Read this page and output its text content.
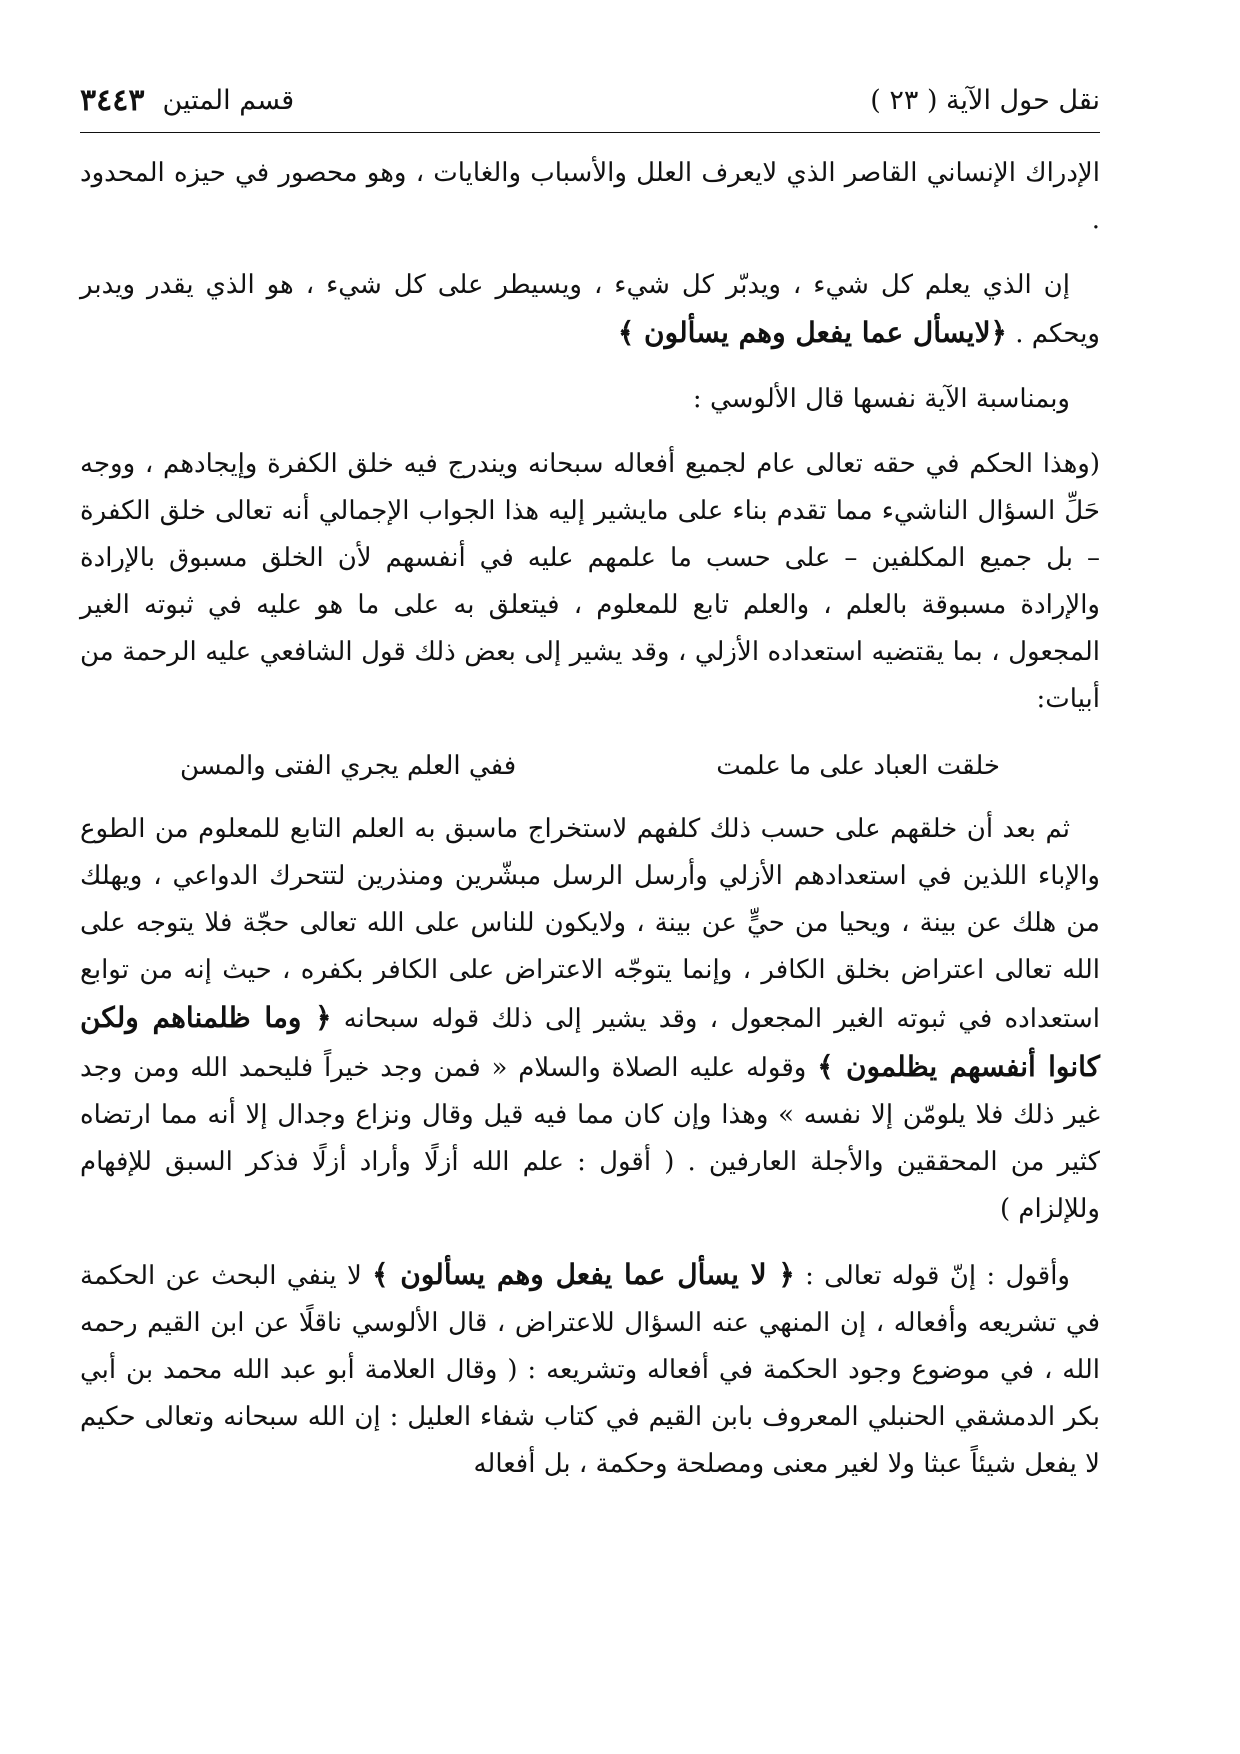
نقل حول الآية ( ٢٣ )
قسم المتين
٣٤٤٣

الإدراك الإنساني القاصر الذي لايعرف العلل والأسباب والغايات ، وهو محصور في حيزه المحدود .

إن الذي يعلم كل شيء ، ويدبّر كل شيء ، ويسيطر على كل شيء ، هو الذي يقدر ويدبر ويحكم . ﴿لايسأل عما يفعل وهم يسألون ﴾

وبمناسبة الآية نفسها قال الألوسي :

(وهذا الحكم في حقه تعالى عام لجميع أفعاله سبحانه ويندرج فيه خلق الكفرة وإيجادهم ، ووجه حَلِّ السؤال الناشيء مما تقدم بناء على مايشير إليه هذا الجواب الإجمالي أنه تعالى خلق الكفرة – بل جميع المكلفين – على حسب ما علمهم عليه في أنفسهم لأن الخلق مسبوق بالإرادة والإرادة مسبوقة بالعلم ، والعلم تابع للمعلوم ، فيتعلق به على ما هو عليه في ثبوته الغير المجعول ، بما يقتضيه استعداده الأزلي ، وقد يشير إلى بعض ذلك قول الشافعي عليه الرحمة من أبيات:

خلقت العباد على ما علمت
ففي العلم يجري الفتى والمسن

ثم بعد أن خلقهم على حسب ذلك كلفهم لاستخراج ماسبق به العلم التابع للمعلوم من الطوع والإباء اللذين في استعدادهم الأزلي وأرسل الرسل مبشّرين ومنذرين لتتحرك الدواعي ، ويهلك من هلك عن بينة ، ويحيا من حيٍّ عن بينة ، ولايكون للناس على الله تعالى حجّة فلا يتوجه على الله تعالى اعتراض بخلق الكافر ، وإنما يتوجّه الاعتراض على الكافر بكفره ، حيث إنه من توابع استعداده في ثبوته الغير المجعول ، وقد يشير إلى ذلك قوله سبحانه ﴿ وما ظلمناهم ولكن كانوا أنفسهم يظلمون ﴾ وقوله عليه الصلاة والسلام « فمن وجد خيراً فليحمد الله ومن وجد غير ذلك فلا يلومّن إلا نفسه » وهذا وإن كان مما فيه قيل وقال ونزاع وجدال إلا أنه مما ارتضاه كثير من المحققين والأجلة العارفين . ( أقول : علم الله أزلًا وأراد أزلًا فذكر السبق للإفهام وللإلزام )

وأقول : إنّ قوله تعالى : ﴿ لا يسأل عما يفعل وهم يسألون ﴾ لا ينفي البحث عن الحكمة في تشريعه وأفعاله ، إن المنهي عنه السؤال للاعتراض ، قال الألوسي ناقلًا عن ابن القيم رحمه الله ، في موضوع وجود الحكمة في أفعاله وتشريعه : ( وقال العلامة أبو عبد الله محمد بن أبي بكر الدمشقي الحنبلي المعروف بابن القيم في كتاب شفاء العليل : إن الله سبحانه وتعالى حكيم لا يفعل شيئاً عبثا ولا لغير معنى ومصلحة وحكمة ، بل أفعاله
